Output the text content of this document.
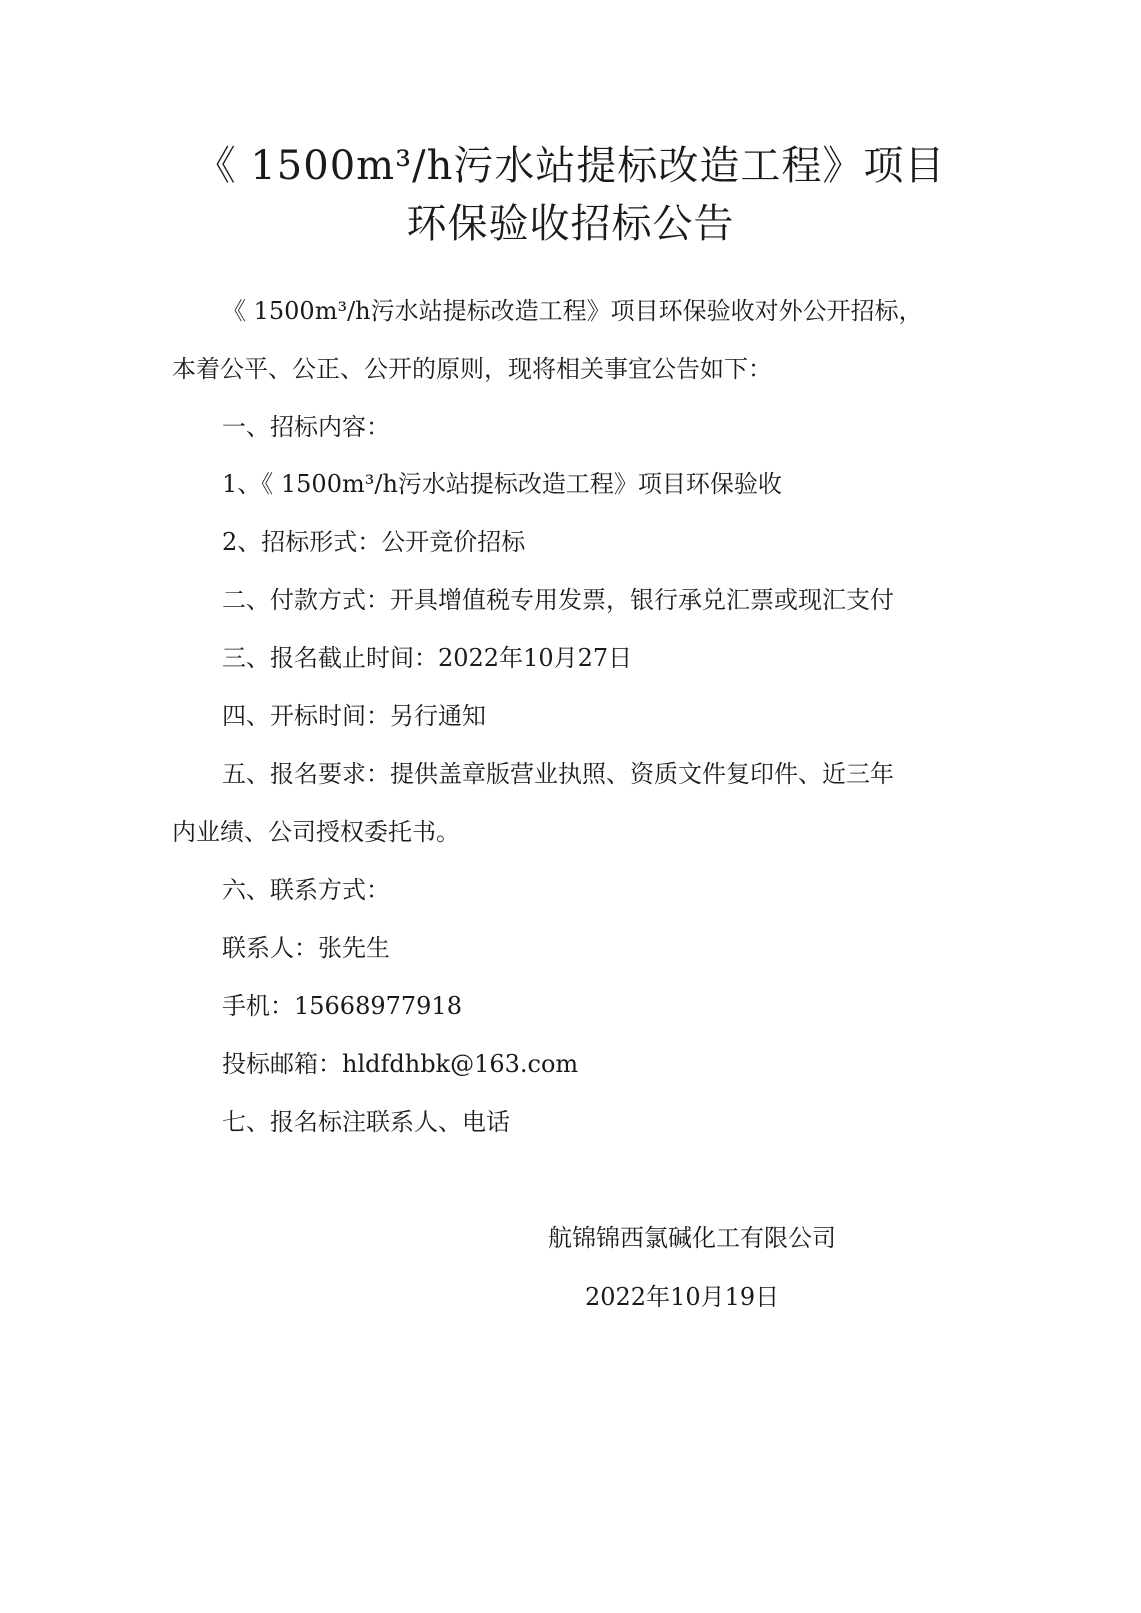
《 1500m³/h污水站提标改造工程》项目
环保验收招标公告

《 1500m³/h污水站提标改造工程》项目环保验收对外公开招标，

本着公平、公正、公开的原则，现将相关事宜公告如下：

一、招标内容：

1、《 1500m³/h污水站提标改造工程》项目环保验收

2、招标形式：公开竞价招标

二、付款方式：开具增值税专用发票，银行承兑汇票或现汇支付

三、报名截止时间：2022年10月27日

四、开标时间：另行通知

五、报名要求：提供盖章版营业执照、资质文件复印件、近三年

内业绩、公司授权委托书。

六、联系方式：

联系人：张先生

手机：15668977918

投标邮箱：hldfdhbk@163.com

七、报名标注联系人、电话

航锦锦西氯碱化工有限公司
2022年10月19日
